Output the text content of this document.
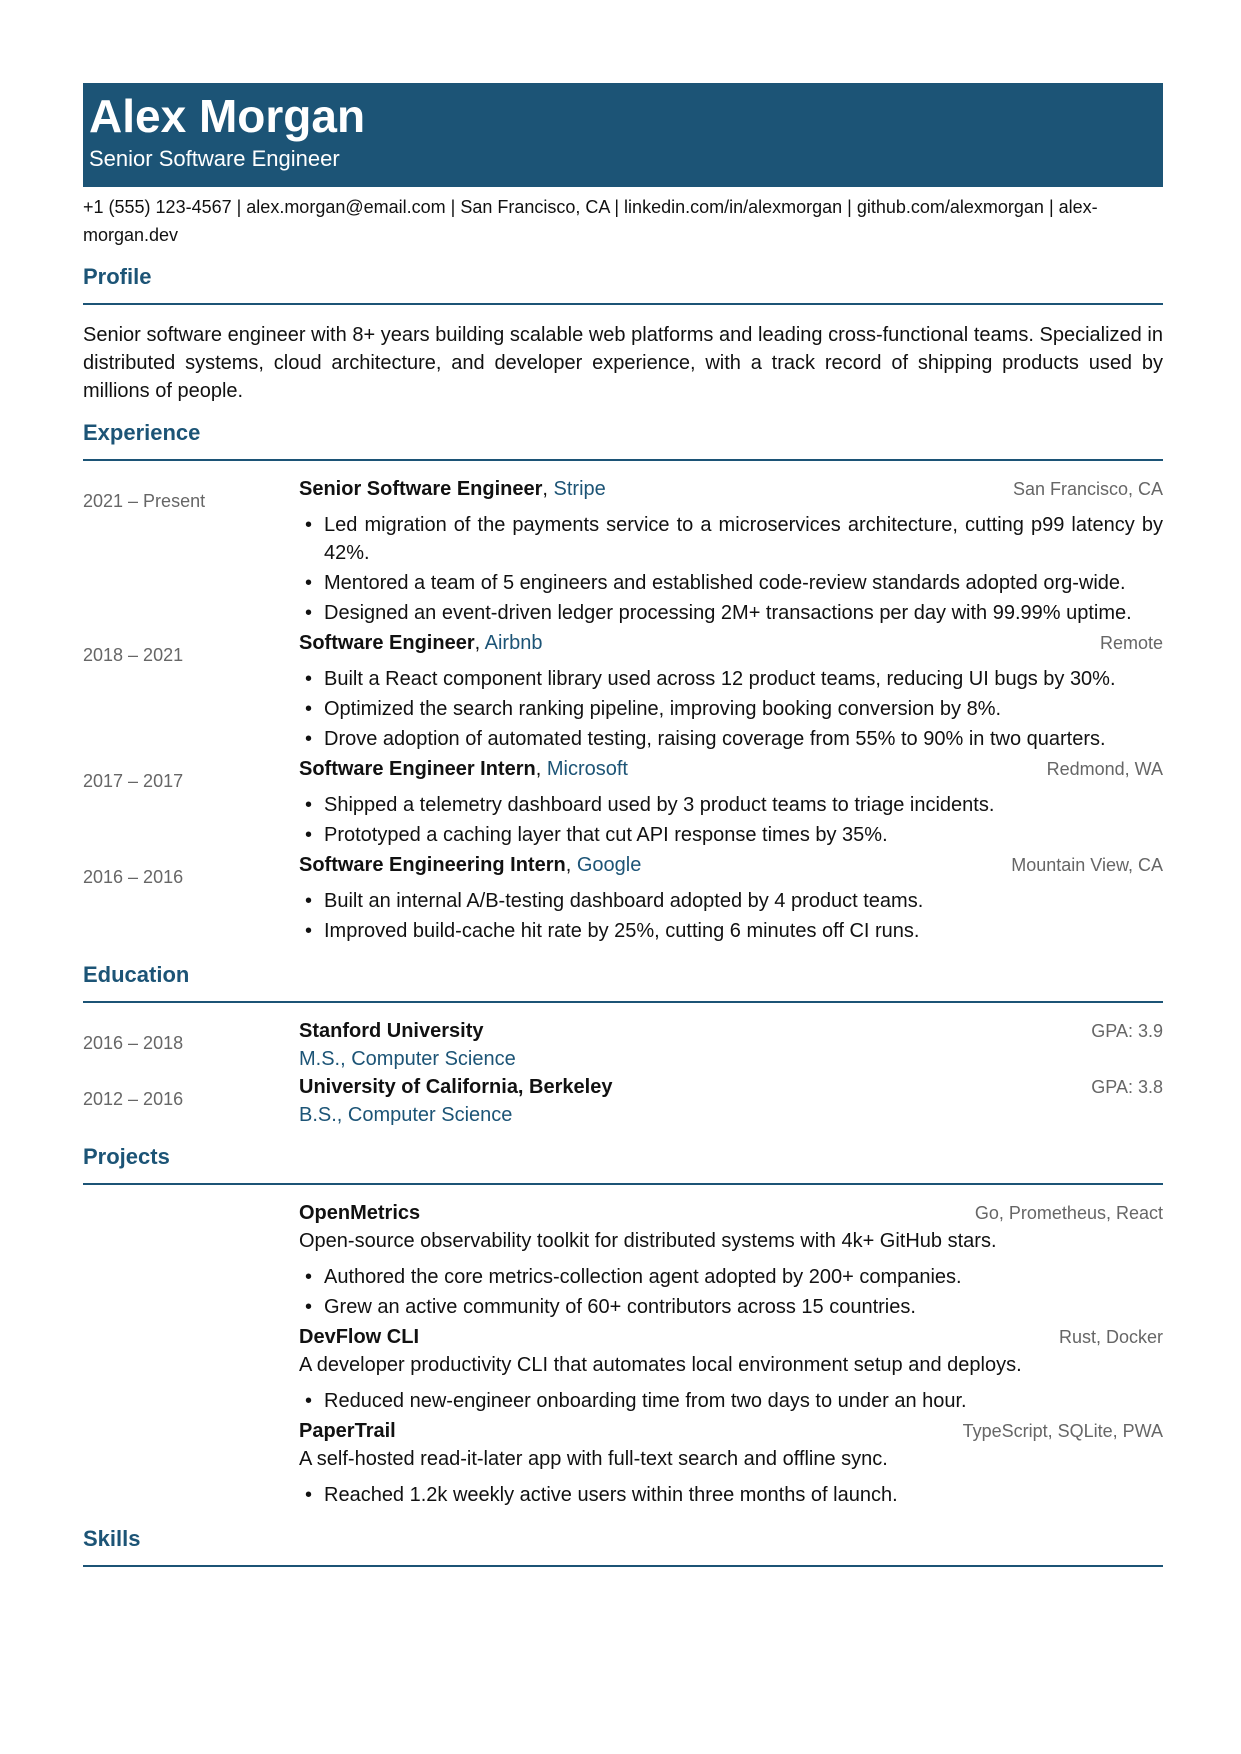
Alex Morgan
Senior Software Engineer
+1 (555) 123-4567 | alex.morgan@email.com | San Francisco, CA | linkedin.com/in/alexmorgan | github.com/alexmorgan | alex-
morgan.dev
Profile
Senior software engineer with 8+ years building scalable web platforms and leading cross-functional teams. Specialized in distributed systems, cloud architecture, and developer experience, with a track record of shipping products used by millions of people.
Experience
2021 – Present
Senior Software Engineer, Stripe	San Francisco, CA
• Led migration of the payments service to a microservices architecture, cutting p99 latency by 42%.
• Mentored a team of 5 engineers and established code-review standards adopted org-wide.
• Designed an event-driven ledger processing 2M+ transactions per day with 99.99% uptime.
2018 – 2021
Software Engineer, Airbnb	Remote
• Built a React component library used across 12 product teams, reducing UI bugs by 30%.
• Optimized the search ranking pipeline, improving booking conversion by 8%.
• Drove adoption of automated testing, raising coverage from 55% to 90% in two quarters.
2017 – 2017
Software Engineer Intern, Microsoft	Redmond, WA
• Shipped a telemetry dashboard used by 3 product teams to triage incidents.
• Prototyped a caching layer that cut API response times by 35%.
2016 – 2016
Software Engineering Intern, Google	Mountain View, CA
• Built an internal A/B-testing dashboard adopted by 4 product teams.
• Improved build-cache hit rate by 25%, cutting 6 minutes off CI runs.
Education
2016 – 2018
Stanford University	GPA: 3.9
M.S., Computer Science
2012 – 2016
University of California, Berkeley	GPA: 3.8
B.S., Computer Science
Projects
OpenMetrics	Go, Prometheus, React
Open-source observability toolkit for distributed systems with 4k+ GitHub stars.
• Authored the core metrics-collection agent adopted by 200+ companies.
• Grew an active community of 60+ contributors across 15 countries.
DevFlow CLI	Rust, Docker
A developer productivity CLI that automates local environment setup and deploys.
• Reduced new-engineer onboarding time from two days to under an hour.
PaperTrail	TypeScript, SQLite, PWA
A self-hosted read-it-later app with full-text search and offline sync.
• Reached 1.2k weekly active users within three months of launch.
Skills
